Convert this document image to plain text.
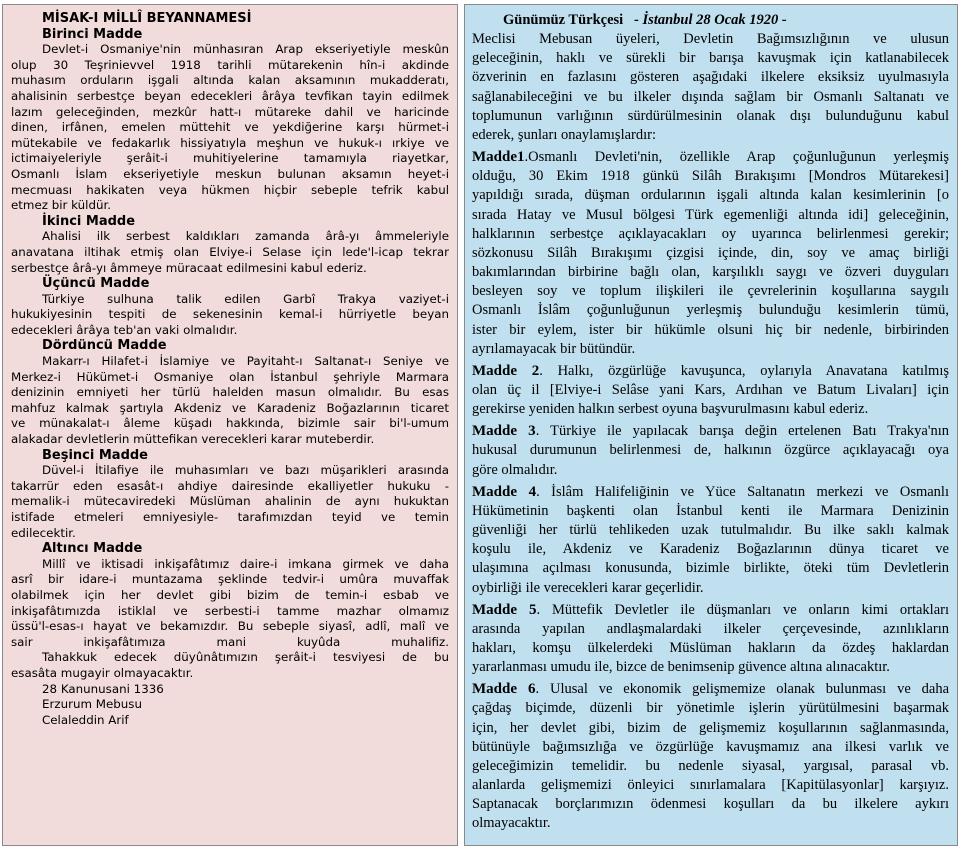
MİSAK-I MİLLÎ BEYANNAMESİ

Birinci Madde

Devlet-i Osmaniye'nin münhasıran Arap ekseriyetiyle meskûn

olup 30 Teşrinievvel 1918 tarihli mütarekenin hîn-i akdinde

muhasım orduların işgali altında kalan aksamının mukadderatı,

ahalisinin serbestçe beyan edecekleri ârâya tevfikan tayin edilmek

lazım geleceğinden, mezkûr hatt-ı mütareke dahil ve haricinde

dinen, irfânen, emelen müttehit ve yekdiğerine karşı hürmet-i

mütekabile ve fedakarlık hissiyatıyla meşhun ve hukuk-ı ırkiye ve

ictimaiyeleriyle şerâit-i muhitiyelerine tamamıyla riayetkar,

Osmanlı İslam ekseriyetiyle meskun bulunan aksamın heyet-i

mecmuası hakikaten veya hükmen hiçbir sebeple tefrik kabul

etmez bir küldür.

İkinci Madde

Ahalisi ilk serbest kaldıkları zamanda ârâ-yı âmmeleriyle

anavatana iltihak etmiş olan Elviye-i Selase için lede'l-icap tekrar

serbestçe ârâ-yı âmmeye müracaat edilmesini kabul ederiz.

Üçüncü Madde

Türkiye sulhuna talik edilen Garbî Trakya vaziyet-i

hukukiyesinin tespiti de sekenesinin kemal-i hürriyetle beyan

edecekleri ârâya teb'an vaki olmalıdır.

Dördüncü Madde

Makarr-ı Hilafet-i İslamiye ve Payitaht-ı Saltanat-ı Seniye ve

Merkez-i Hükümet-i Osmaniye olan İstanbul şehriyle Marmara

denizinin emniyeti her türlü halelden masun olmalıdır. Bu esas

mahfuz kalmak şartıyla Akdeniz ve Karadeniz Boğazlarının ticaret

ve münakalat-ı âleme küşadı hakkında, bizimle sair bi'l-umum

alakadar devletlerin müttefikan verecekleri karar muteberdir.

Beşinci Madde

Düvel-i İtilafiye ile muhasımları ve bazı müşarikleri arasında

takarrür eden esasât-ı ahdiye dairesinde ekalliyetler hukuku -

memalik-i mütecaviredeki Müslüman ahalinin de aynı hukuktan

istifade etmeleri emniyesiyle- tarafımızdan teyid ve temin

edilecektir.

Altıncı Madde

Millî ve iktisadi inkişafâtımız daire-i imkana girmek ve daha

asrî bir idare-i muntazama şeklinde tedvir-i umûra muvaffak

olabilmek için her devlet gibi bizim de temin-i esbab ve

inkişafâtımızda istiklal ve serbesti-i tamme mazhar olmamız

üssü'l-esas-ı hayat ve bekamızdır. Bu sebeple siyasî, adlî, malî ve

sair inkişafâtımıza mani kuyûda muhalifiz.

Tahakkuk edecek düyûnâtımızın şerâit-i tesviyesi de bu

esasâta mugayir olmayacaktır.

28 Kanunusani 1336

Erzurum Mebusu

Celaleddin Arif

Günümüz Türkçesi - İstanbul 28 Ocak 1920 -

Meclisi Mebusan üyeleri, Devletin Bağımsızlığının ve ulusun

geleceğinin, haklı ve sürekli bir barışa kavuşmak için katlanabilecek

özverinin en fazlasını gösteren aşağıdaki ilkelere eksiksiz uyulmasıyla

sağlanabileceğini ve bu ilkeler dışında sağlam bir Osmanlı Saltanatı ve

toplumunun varlığının sürdürülmesinin olanak dışı bulunduğunu kabul

ederek, şunları onaylamışlardır:

Madde1.Osmanlı Devleti'nin, özellikle Arap çoğunluğunun yerleşmiş

olduğu, 30 Ekim 1918 günkü Silâh Bırakışımı [Mondros Mütarekesi]

yapıldığı sırada, düşman ordularının işgali altında kalan kesimlerinin [o

sırada Hatay ve Musul bölgesi Türk egemenliği altında idi] geleceğinin,

halklarının serbestçe açıklayacakları oy uyarınca belirlenmesi gerekir;

sözkonusu Silâh Bırakışımı çizgisi içinde, din, soy ve amaç birliği

bakımlarından birbirine bağlı olan, karşılıklı saygı ve özveri duyguları

besleyen soy ve toplum ilişkileri ile çevrelerinin koşullarına saygılı

Osmanlı İslâm çoğunluğunun yerleşmiş bulunduğu kesimlerin tümü,

ister bir eylem, ister bir hükümle olsuni hiç bir nedenle, birbirinden

ayrılamayacak bir bütündür.

Madde 2. Halkı, özgürlüğe kavuşunca, oylarıyla Anavatana katılmış

olan üç il [Elviye-i Selâse yani Kars, Ardıhan ve Batum Livaları] için

gerekirse yeniden halkın serbest oyuna başvurulmasını kabul ederiz.

Madde 3. Türkiye ile yapılacak barışa değin ertelenen Batı Trakya'nın

hukusal durumunun belirlenmesi de, halkının özgürce açıklayacağı oya

göre olmalıdır.

Madde 4. İslâm Halifeliğinin ve Yüce Saltanatın merkezi ve Osmanlı

Hükümetinin başkenti olan İstanbul kenti ile Marmara Denizinin

güvenliği her türlü tehlikeden uzak tutulmalıdır. Bu ilke saklı kalmak

koşulu ile, Akdeniz ve Karadeniz Boğazlarının dünya ticaret ve

ulaşımına açılması konusunda, bizimle birlikte, öteki tüm Devletlerin

oybirliği ile verecekleri karar geçerlidir.

Madde 5. Müttefik Devletler ile düşmanları ve onların kimi ortakları

arasında yapılan andlaşmalardaki ilkeler çerçevesinde, azınlıkların

hakları, komşu ülkelerdeki Müslüman hakların da özdeş haklardan

yararlanması umudu ile, bizce de benimsenip güvence altına alınacaktır.

Madde 6. Ulusal ve ekonomik gelişmemize olanak bulunması ve daha

çağdaş biçimde, düzenli bir yönetimle işlerin yürütülmesini başarmak

için, her devlet gibi, bizim de gelişmemiz koşullarının sağlanmasında,

bütünüyle bağımsızlığa ve özgürlüğe kavuşmamız ana ilkesi varlık ve

geleceğimizin temelidir. bu nedenle siyasal, yargısal, parasal vb.

alanlarda gelişmemizi önleyici sınırlamalara [Kapitülasyonlar] karşıyız.

Saptanacak borçlarımızın ödenmesi koşulları da bu ilkelere aykırı

olmayacaktır.
